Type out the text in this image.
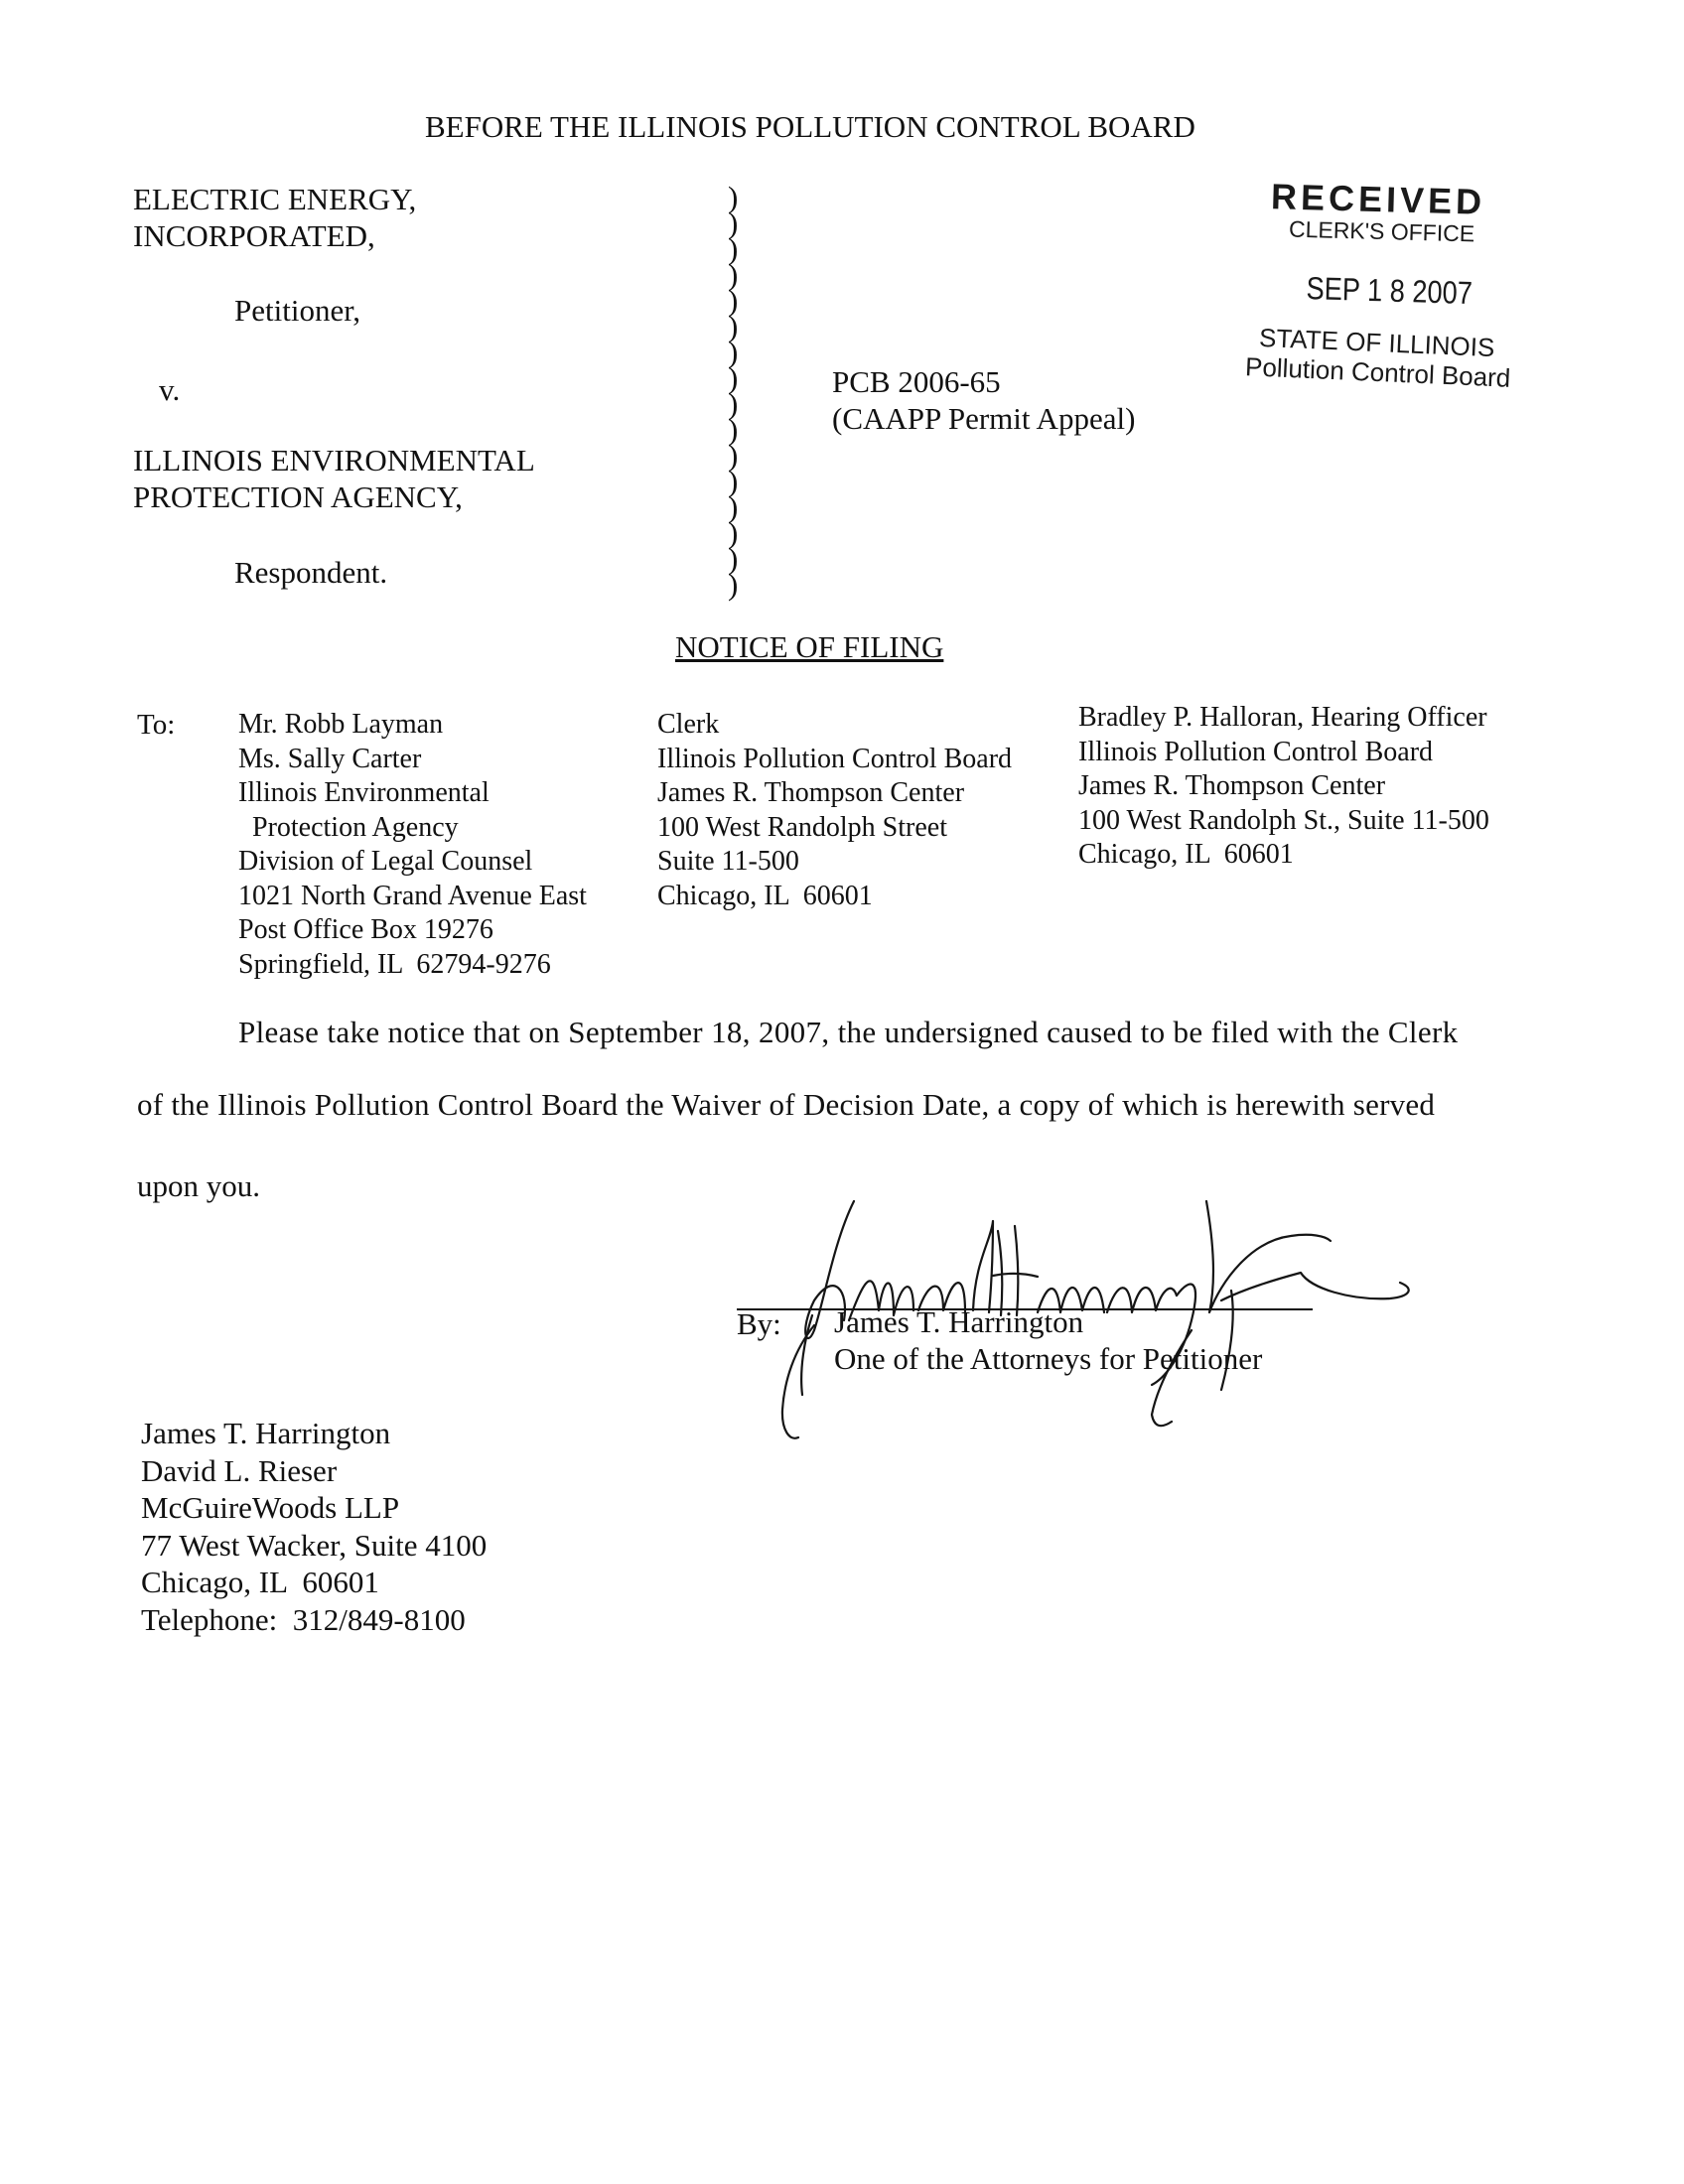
BEFORE THE ILLINOIS POLLUTION CONTROL BOARD
ELECTRIC ENERGY,
INCORPORATED,
Petitioner,
v.
ILLINOIS ENVIRONMENTAL
PROTECTION AGENCY,
Respondent.
)
)
)
)
)
)
)
)
)
)
)
)
)
)
)
)
PCB 2006-65
(CAAPP Permit Appeal)
RECEIVED
CLERK'S OFFICE
SEP 1 8 2007
STATE OF ILLINOIS
Pollution Control Board
NOTICE OF FILING
To: Mr. Robb Layman
Ms. Sally Carter
Illinois Environmental
Protection Agency
Division of Legal Counsel
1021 North Grand Avenue East
Post Office Box 19276
Springfield, IL  62794-9276
Clerk
Illinois Pollution Control Board
James R. Thompson Center
100 West Randolph Street
Suite 11-500
Chicago, IL  60601
Bradley P. Halloran, Hearing Officer
Illinois Pollution Control Board
James R. Thompson Center
100 West Randolph St., Suite 11-500
Chicago, IL  60601
Please take notice that on September 18, 2007, the undersigned caused to be filed with the Clerk
of the Illinois Pollution Control Board the Waiver of Decision Date, a copy of which is herewith served
upon you.
By: James T. Harrington
One of the Attorneys for Petitioner
James T. Harrington
David L. Rieser
McGuireWoods LLP
77 West Wacker, Suite 4100
Chicago, IL  60601
Telephone:  312/849-8100
